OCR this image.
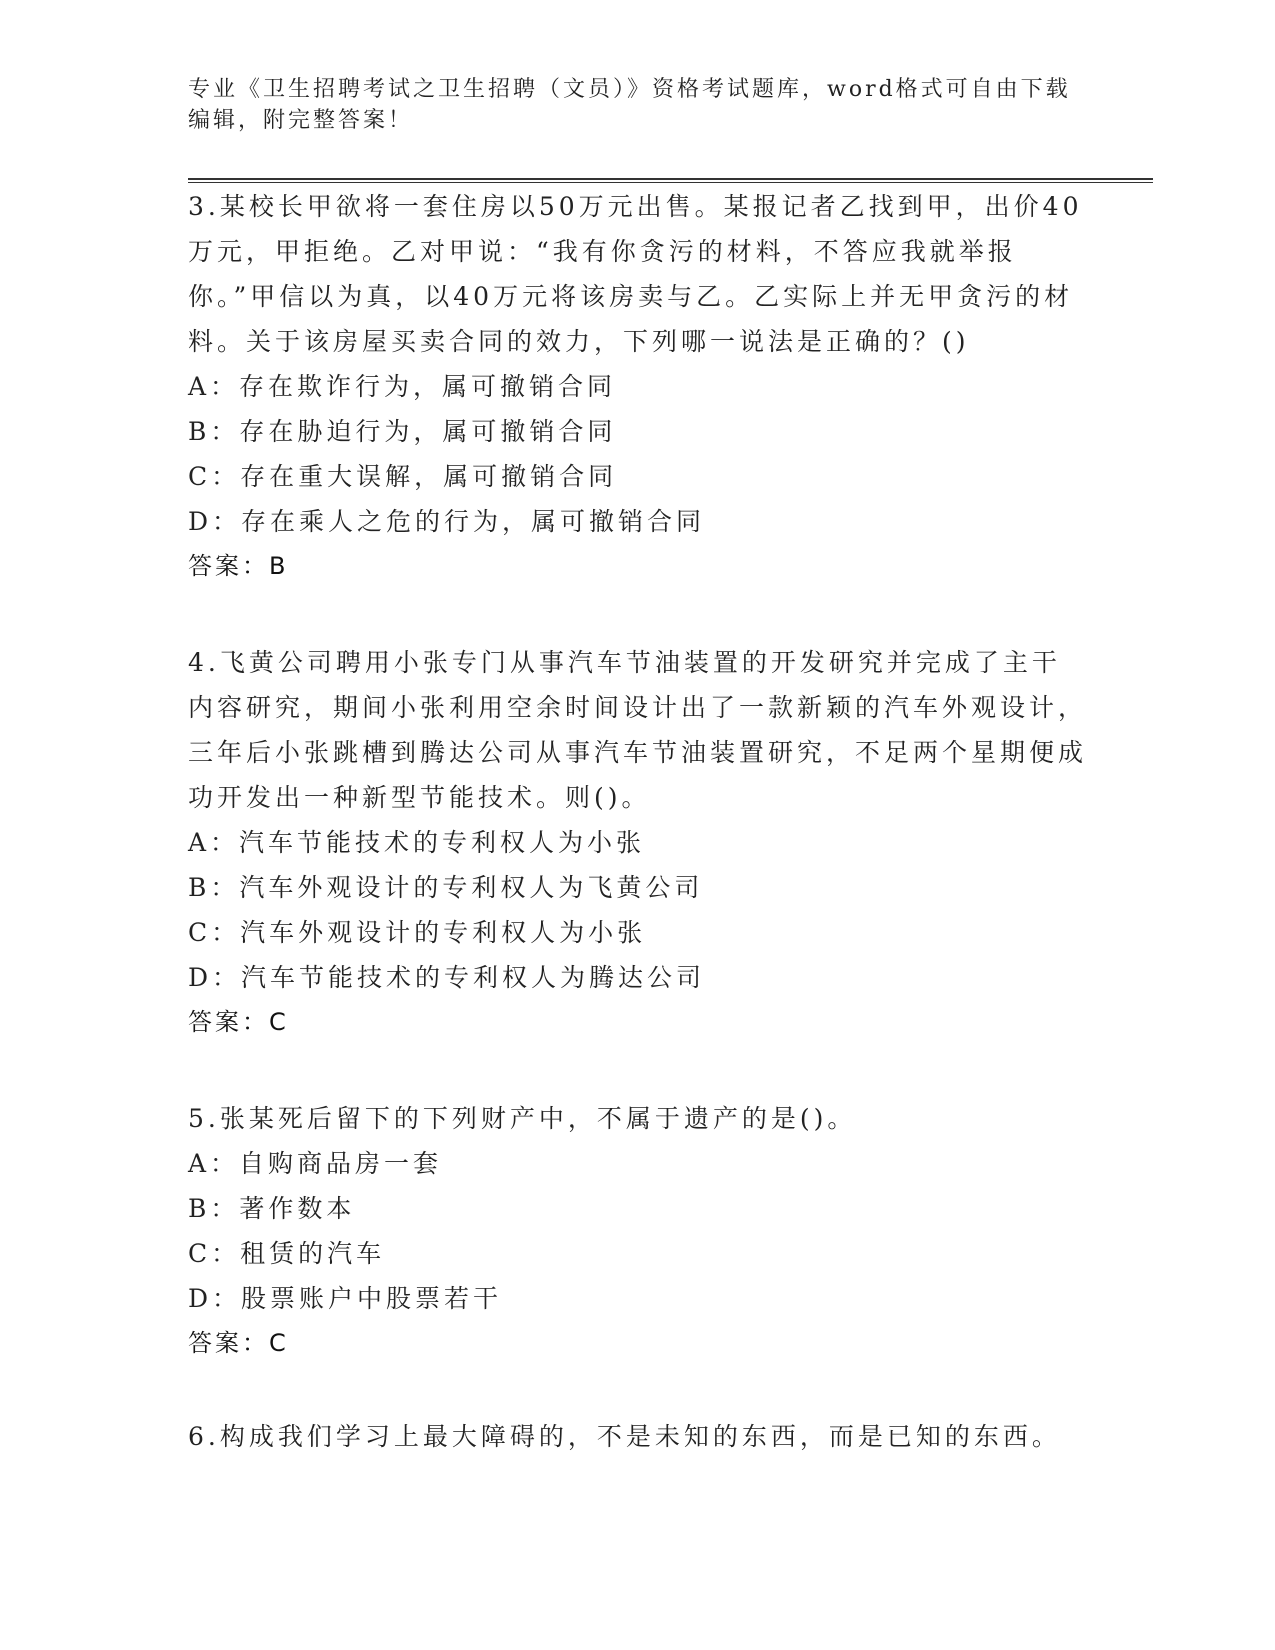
专业《卫生招聘考试之卫生招聘（文员）》资格考试题库，word格式可自由下载编辑，附完整答案！

3.某校长甲欲将一套住房以50万元出售。某报记者乙找到甲，出价40万元，甲拒绝。乙对甲说：“我有你贪污的材料，不答应我就举报你。”甲信以为真，以40万元将该房卖与乙。乙实际上并无甲贪污的材料。关于该房屋买卖合同的效力，下列哪一说法是正确的？()

A：存在欺诈行为，属可撤销合同

B：存在胁迫行为，属可撤销合同

C：存在重大误解，属可撤销合同

D：存在乘人之危的行为，属可撤销合同

答案：B

4.飞黄公司聘用小张专门从事汽车节油装置的开发研究并完成了主干内容研究，期间小张利用空余时间设计出了一款新颖的汽车外观设计，三年后小张跳槽到腾达公司从事汽车节油装置研究，不足两个星期便成功开发出一种新型节能技术。则()。

A：汽车节能技术的专利权人为小张

B：汽车外观设计的专利权人为飞黄公司

C：汽车外观设计的专利权人为小张

D：汽车节能技术的专利权人为腾达公司

答案：C

5.张某死后留下的下列财产中，不属于遗产的是()。

A：自购商品房一套

B：著作数本

C：租赁的汽车

D：股票账户中股票若干

答案：C

6.构成我们学习上最大障碍的，不是未知的东西，而是已知的东西。
